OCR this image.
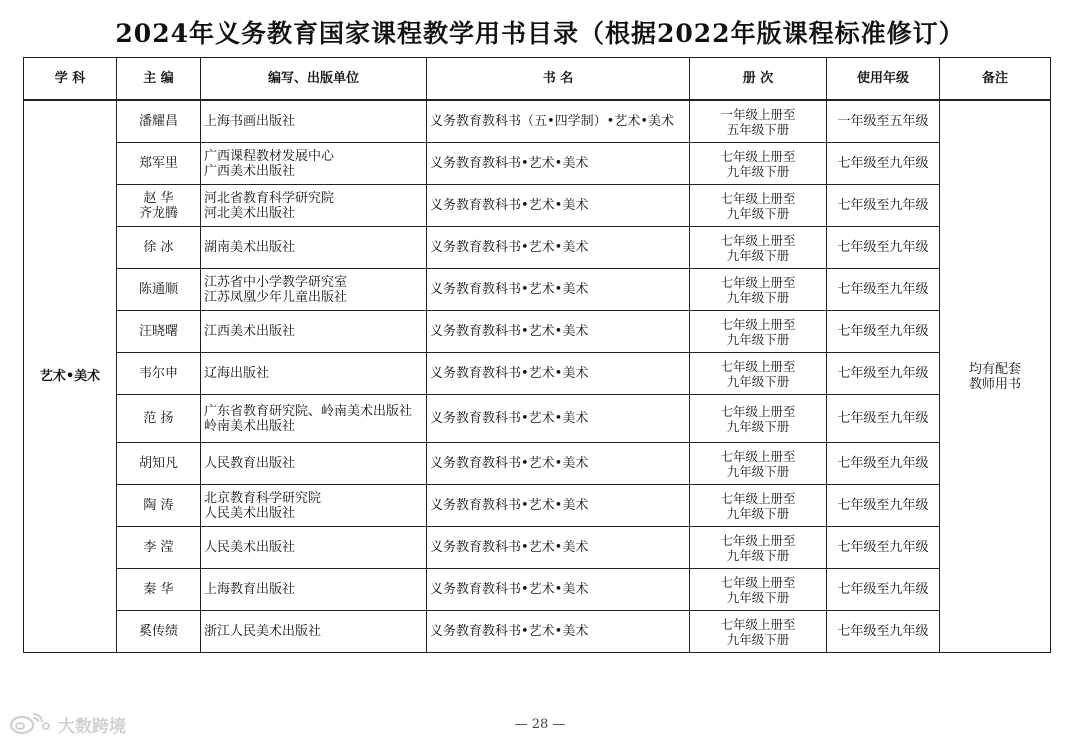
2024年义务教育国家课程教学用书目录（根据2022年版课程标准修订）
学 科	主 编	编写、出版单位	书 名	册 次	使用年级	备注
艺术•美术	潘耀昌	上海书画出版社	义务教育教科书（五•四学制）•艺术•美术	一年级上册至
五年级下册	一年级至五年级	均有配套
教师用书

	郑军里	广西课程教材发展中心
广西美术出版社	义务教育教科书•艺术•美术	七年级上册至
九年级下册	七年级至九年级	

	赵 华
齐龙腾	河北省教育科学研究院
河北美术出版社	义务教育教科书•艺术•美术	七年级上册至
九年级下册	七年级至九年级	

	徐 冰	湖南美术出版社	义务教育教科书•艺术•美术	七年级上册至
九年级下册	七年级至九年级	

	陈通顺	江苏省中小学教学研究室
江苏凤凰少年儿童出版社	义务教育教科书•艺术•美术	七年级上册至
九年级下册	七年级至九年级	

	汪晓曙	江西美术出版社	义务教育教科书•艺术•美术	七年级上册至
九年级下册	七年级至九年级	

	韦尔申	辽海出版社	义务教育教科书•艺术•美术	七年级上册至
九年级下册	七年级至九年级	

	范 扬	广东省教育研究院、岭南美术出版社
岭南美术出版社	义务教育教科书•艺术•美术	七年级上册至
九年级下册	七年级至九年级	

	胡知凡	人民教育出版社	义务教育教科书•艺术•美术	七年级上册至
九年级下册	七年级至九年级	

	陶 涛	北京教育科学研究院
人民美术出版社	义务教育教科书•艺术•美术	七年级上册至
九年级下册	七年级至九年级	

	李 滢	人民美术出版社	义务教育教科书•艺术•美术	七年级上册至
九年级下册	七年级至九年级	

	秦 华	上海教育出版社	义务教育教科书•艺术•美术	七年级上册至
九年级下册	七年级至九年级	

	奚传绩	浙江人民美术出版社	义务教育教科书•艺术•美术	七年级上册至
九年级下册	七年级至九年级	
大数跨境	— 28 —
